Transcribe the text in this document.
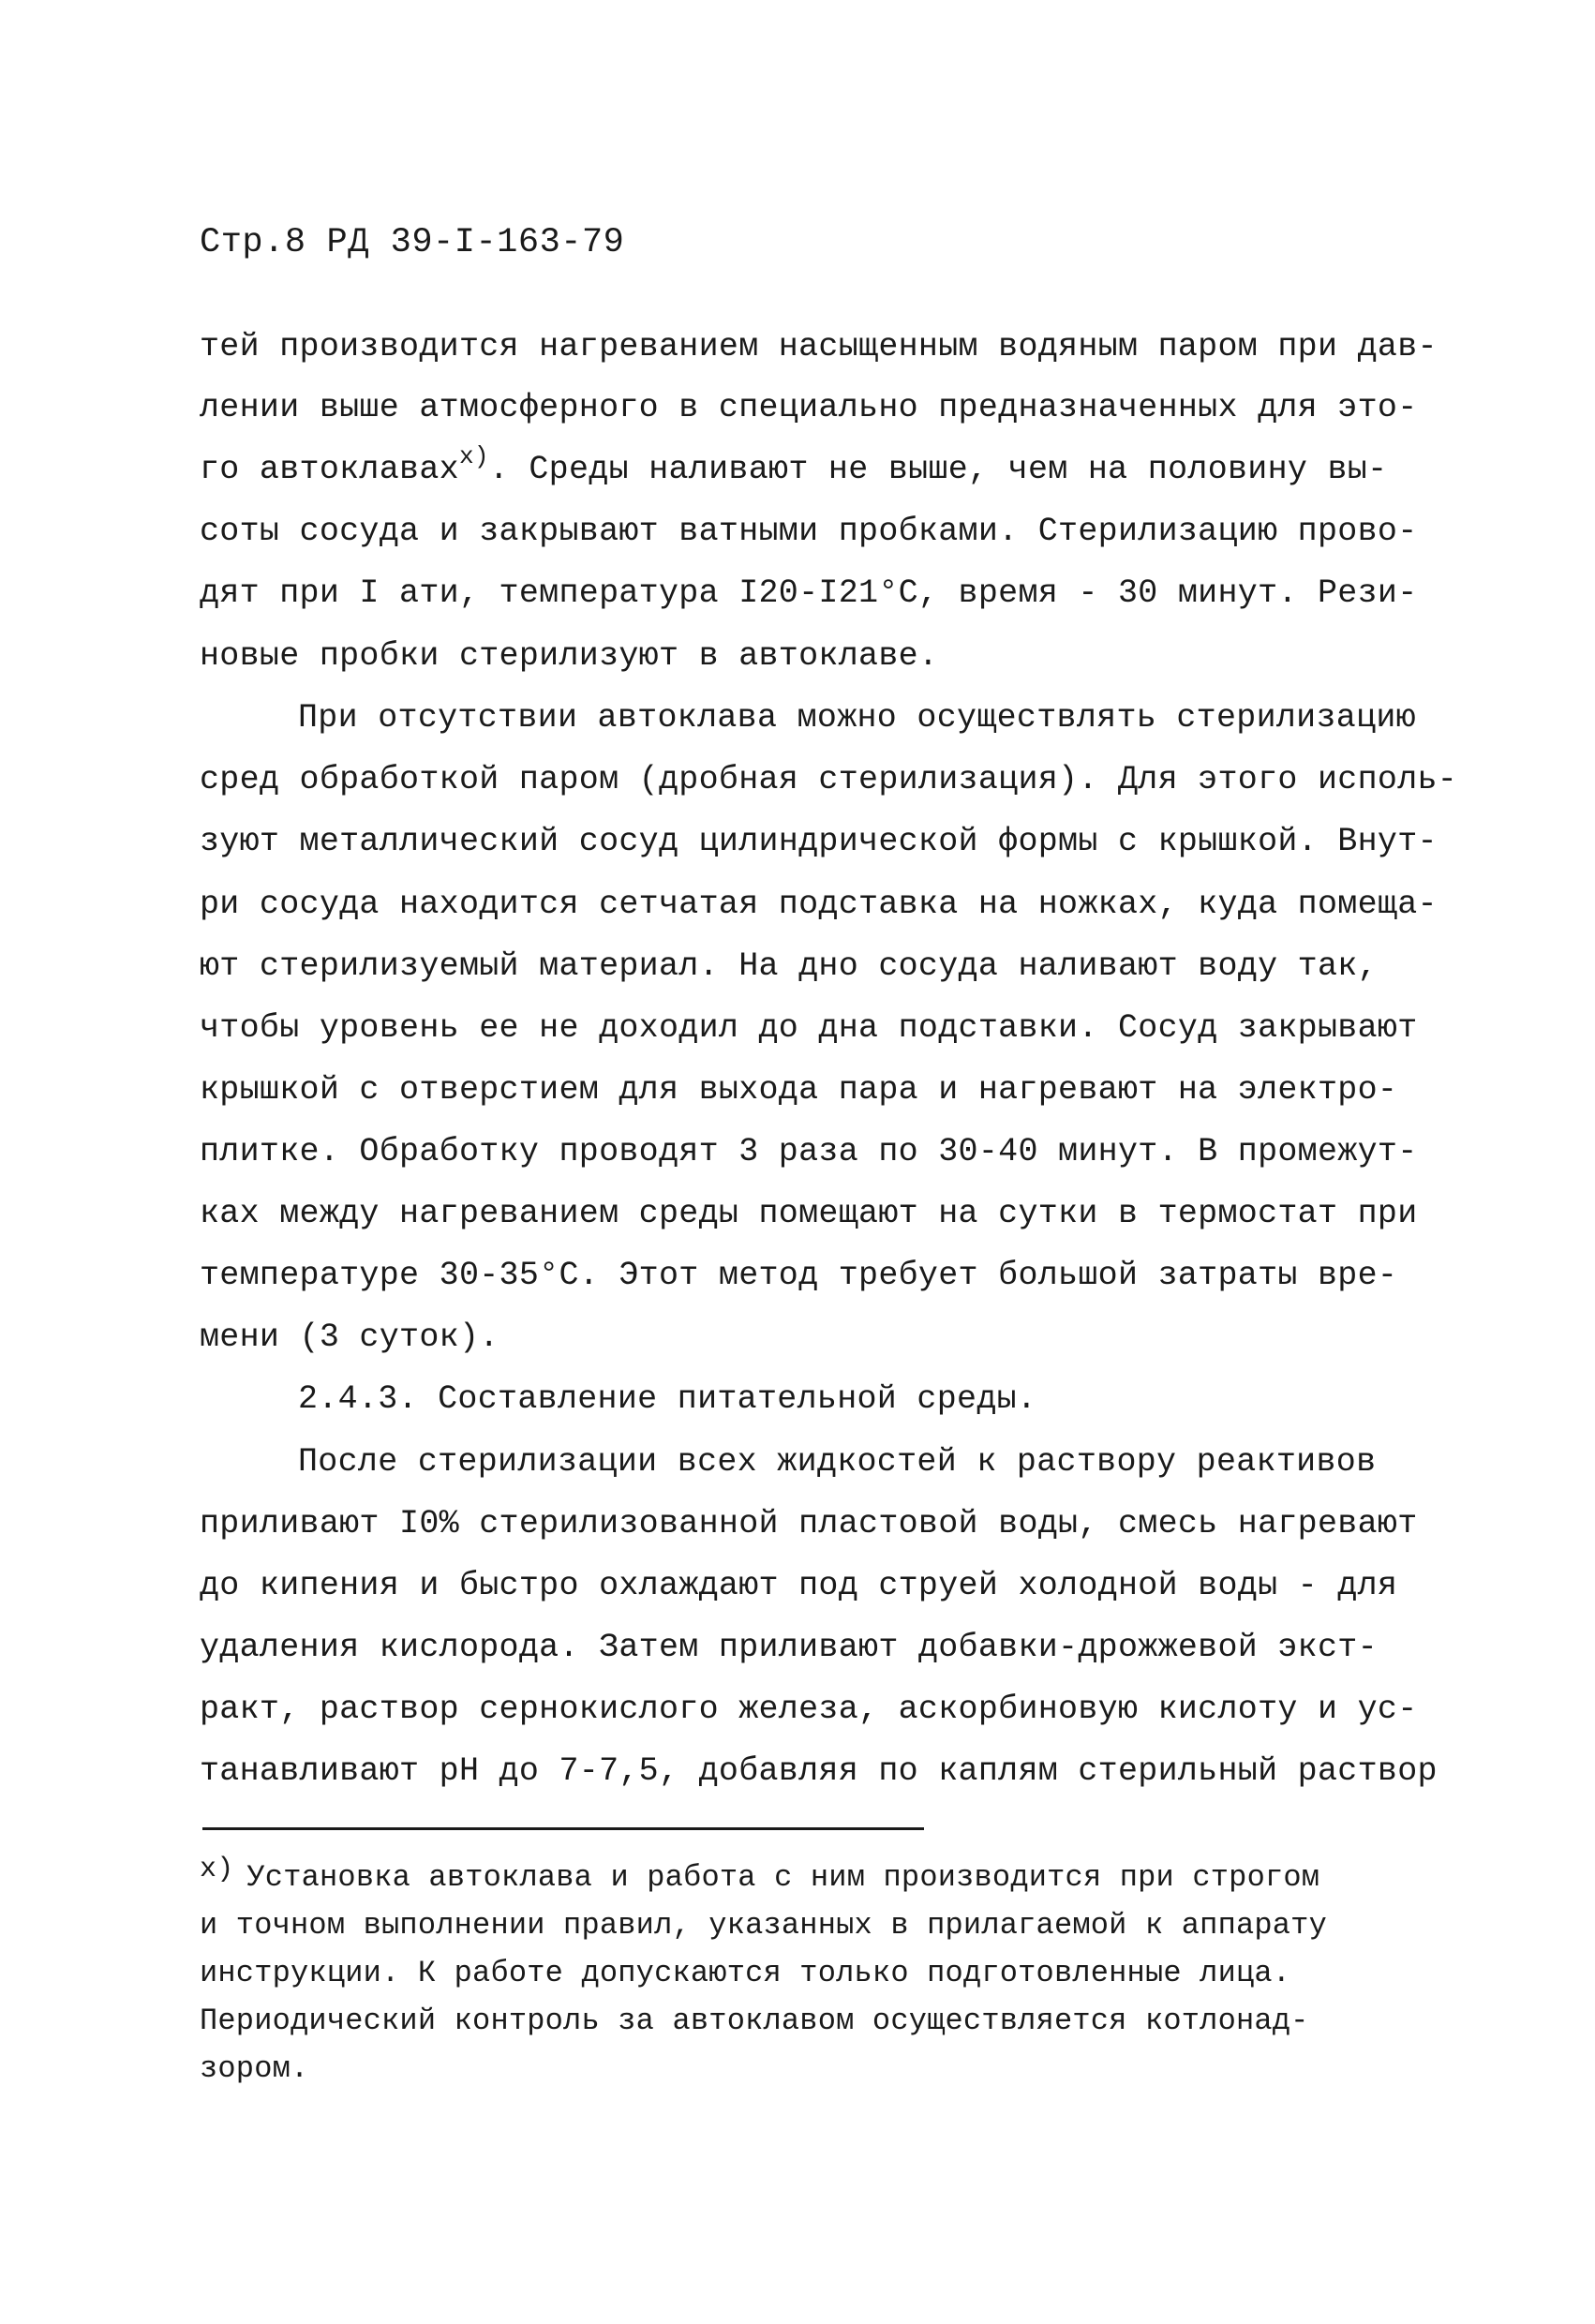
Стр.8 РД 39-I-163-79
тей производится нагреванием насыщенным водяным паром при дав-
лении выше атмосферного в специально предназначенных для это-
го автоклавах$^{x)}$. Среды наливают не выше, чем на половину вы-
соты сосуда и закрывают ватными пробками. Стерилизацию прово-
дят при I ати, температура I20-I21°С, время - 30 минут. Рези-
новые пробки стерилизуют в автоклаве.
При отсутствии автоклава можно осуществлять стерилизацию
сред обработкой паром (дробная стерилизация). Для этого исполь-
зуют металлический сосуд цилиндрической формы с крышкой. Внут-
ри сосуда находится сетчатая подставка на ножках, куда помеща-
ют стерилизуемый материал. На дно сосуда наливают воду так,
чтобы уровень ее не доходил до дна подставки. Сосуд закрывают
крышкой с отверстием для выхода пара и нагревают на электро-
плитке. Обработку проводят 3 раза по 30-40 минут. В промежут-
ках между нагреванием среды помещают на сутки в термостат при
температуре 30-35°С. Этот метод требует большой затраты вре-
мени (3 суток).
2.4.3. Составление питательной среды.
После стерилизации всех жидкостей к раствору реактивов
приливают I0% стерилизованной пластовой воды, смесь нагревают
до кипения и быстро охлаждают под струей холодной воды - для
удаления кислорода. Затем приливают добавки-дрожжевой экст-
ракт, раствор сернокислого железа, аскорбиновую кислоту и ус-
танавливают pH до 7-7,5, добавляя по каплям стерильный раствор
x) Установка автоклава и работа с ним производится при строгом
и точном выполнении правил, указанных в прилагаемой к аппарату
инструкции. К работе допускаются только подготовленные лица.
Периодический контроль за автоклавом осуществляется котлонад-
зором.
